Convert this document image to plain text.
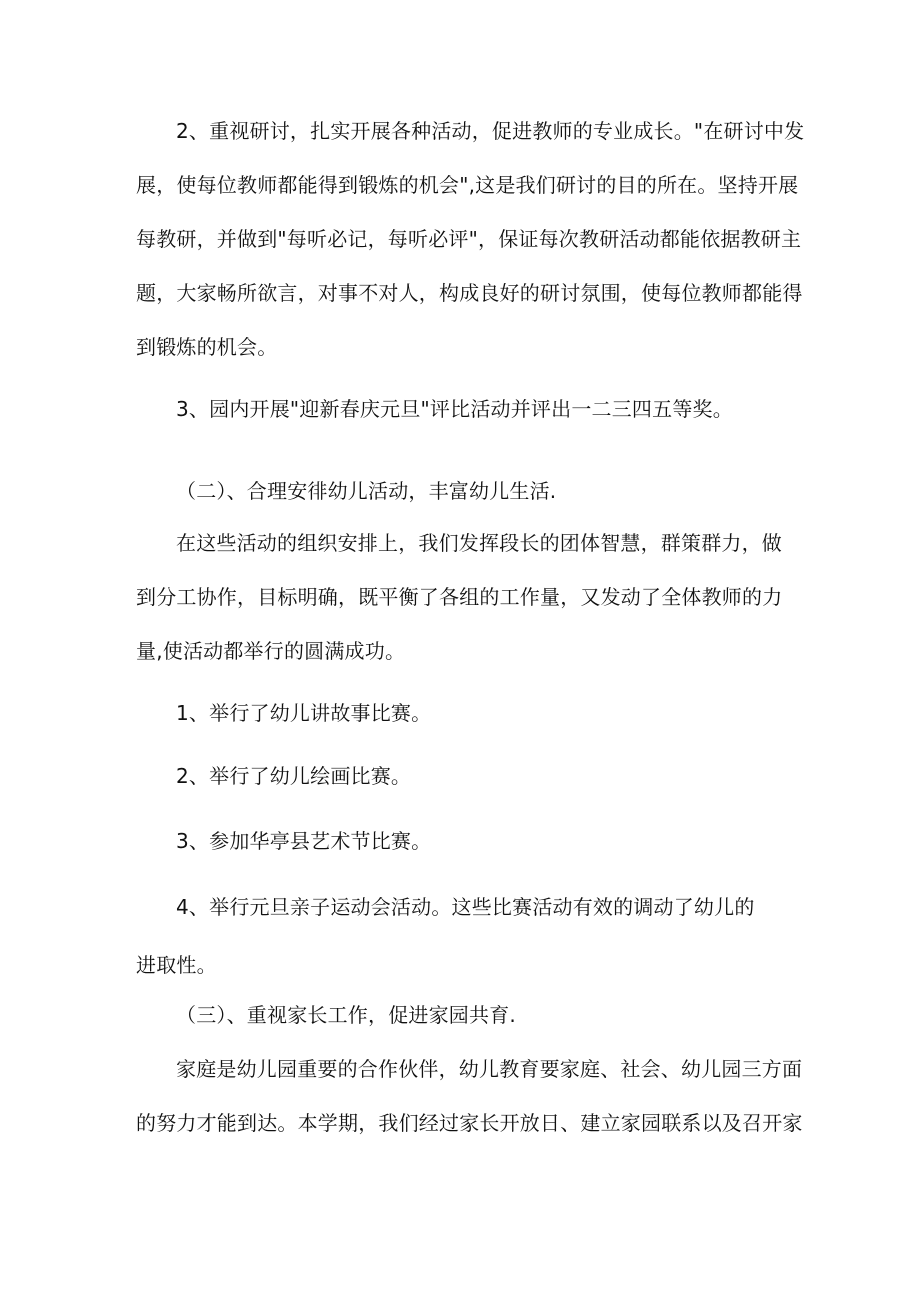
2、重视研讨，扎实开展各种活动，促进教师的专业成长。"在研讨中发
展，使每位教师都能得到锻炼的机会",这是我们研讨的目的所在。坚持开展
每教研，并做到"每听必记，每听必评"，保证每次教研活动都能依据教研主
题，大家畅所欲言，对事不对人，构成良好的研讨氛围，使每位教师都能得
到锻炼的机会。
3、园内开展"迎新春庆元旦"评比活动并评出一二三四五等奖。
（二）、合理安徘幼儿活动，丰富幼儿生活.
在这些活动的组织安排上，我们发挥段长的团体智慧，群策群力，做
到分工协作，目标明确，既平衡了各组的工作量，又发动了全体教师的力
量,使活动都举行的圆满成功。
1、举行了幼儿讲故事比赛。
2、举行了幼儿绘画比赛。
3、参加华亭县艺术节比赛。
4、举行元旦亲子运动会活动。这些比赛活动有效的调动了幼儿的
进取性。
（三）、重视家长工作，促进家园共育.
家庭是幼儿园重要的合作伙伴，幼儿教育要家庭、社会、幼儿园三方面
的努力才能到达。本学期，我们经过家长开放日、建立家园联系以及召开家
